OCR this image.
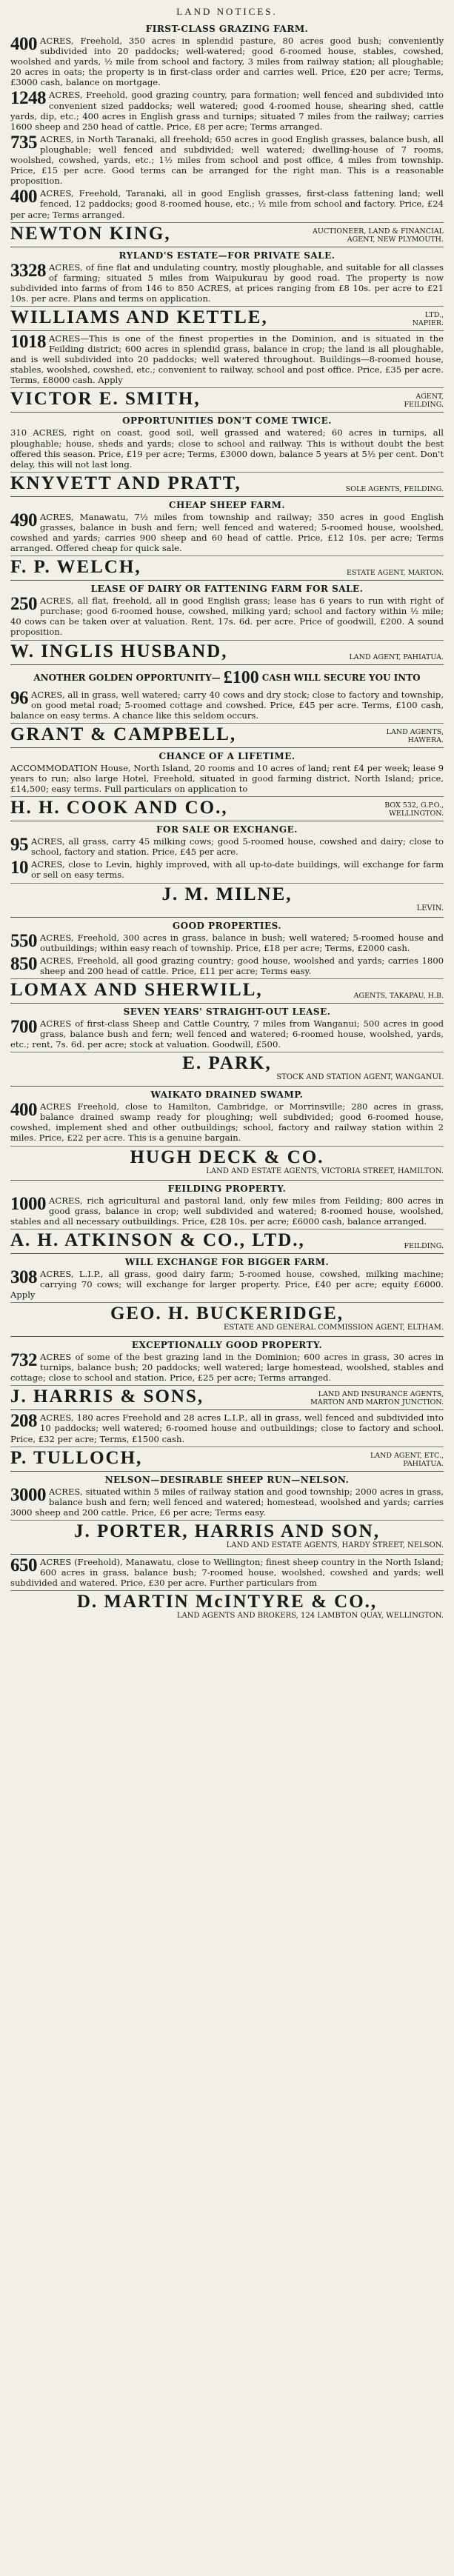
LAND NOTICES.
FIRST-CLASS GRAZING FARM.
400 ACRES, Freehold, 350 acres in splendid pasture, 80 acres good bush; conveniently subdivided into 20 paddocks; well-watered; good 6-roomed house, stables, cowshed, woolshed and yards, ½ mile from school and factory, 3 miles from railway station; all ploughable; 20 acres in oats; the property is in first-class order and carries well. Price, £20 per acre; Terms, £3000 cash, balance on mortgage.
1248 ACRES, Freehold, good grazing country, para formation; well fenced and subdivided into convenient sized paddocks; well watered; good 4-roomed house, shearing shed, cattle yards, dip, etc.; 400 acres in English grass and turnips; situated 7 miles from the railway; carries 1600 sheep and 250 head of cattle. Price, £8 per acre; Terms arranged.
735 ACRES, in North Taranaki, all freehold; 650 acres in good English grasses, balance bush, all ploughable; well fenced and subdivided; well watered; dwelling-house of 7 rooms, woolshed, cowshed, yards, etc.; 1½ miles from school and post office, 4 miles from township. Price, £15 per acre. Good terms can be arranged for the right man. This is a reasonable proposition.
400 ACRES, Freehold, Taranaki, all in good English grasses, first-class fattening land; well fenced, 12 paddocks; good 8-roomed house, etc.; ½ mile from school and factory. Price, £24 per acre; Terms arranged.
NEWTON KING,	AUCTIONEER, LAND & FINANCIAL
AGENT, NEW PLYMOUTH.
RYLAND'S ESTATE—FOR PRIVATE SALE.
3328 ACRES, of fine flat and undulating country, mostly ploughable, and suitable for all classes of farming; situated 5 miles from Waipukurau by good road. The property is now subdivided into farms of from 146 to 850 ACRES, at prices ranging from £8 10s. per acre to £21 10s. per acre. Plans and terms on application.
WILLIAMS AND KETTLE,	LTD.,
NAPIER.
1018 ACRES—This is one of the finest properties in the Dominion, and is situated in the Feilding district; 600 acres in splendid grass, balance in crop; the land is all ploughable, and is well subdivided into 20 paddocks; well watered throughout. Buildings—8-roomed house, stables, woolshed, cowshed, etc.; convenient to railway, school and post office. Price, £35 per acre. Terms, £8000 cash. Apply
VICTOR E. SMITH,	AGENT,
FEILDING.
OPPORTUNITIES DON'T COME TWICE.
310 ACRES, right on coast, good soil, well grassed and watered; 60 acres in turnips, all ploughable; house, sheds and yards; close to school and railway. This is without doubt the best offered this season. Price, £19 per acre; Terms, £3000 down, balance 5 years at 5½ per cent. Don't delay, this will not last long.
KNYVETT AND PRATT,	SOLE AGENTS, FEILDING.
CHEAP SHEEP FARM.
490 ACRES, Manawatu, 7½ miles from township and railway; 350 acres in good English grasses, balance in bush and fern; well fenced and watered; 5-roomed house, woolshed, cowshed and yards; carries 900 sheep and 60 head of cattle. Price, £12 10s. per acre; Terms arranged. Offered cheap for quick sale.
F. P. WELCH,	ESTATE AGENT, MARTON.
LEASE OF DAIRY OR FATTENING FARM FOR SALE.
250 ACRES, all flat, freehold, all in good English grass; lease has 6 years to run with right of purchase; good 6-roomed house, cowshed, milking yard; school and factory within ½ mile; 40 cows can be taken over at valuation. Rent, 17s. 6d. per acre. Price of goodwill, £200. A sound proposition.
W. INGLIS HUSBAND,	LAND AGENT, PAHIATUA.
ANOTHER GOLDEN OPPORTUNITY— £100 CASH WILL SECURE YOU INTO
96 ACRES, all in grass, well watered; carry 40 cows and dry stock; close to factory and township, on good metal road; 5-roomed cottage and cowshed. Price, £45 per acre. Terms, £100 cash, balance on easy terms. A chance like this seldom occurs.
GRANT & CAMPBELL,	LAND AGENTS,
HAWERA.
CHANCE OF A LIFETIME.
ACCOMMODATION House, North Island, 20 rooms and 10 acres of land; rent £4 per week; lease 9 years to run; also large Hotel, Freehold, situated in good farming district, North Island; price, £14,500; easy terms. Full particulars on application to
H. H. COOK AND CO.,	BOX 532, G.P.O.,
WELLINGTON.
FOR SALE OR EXCHANGE.
95 ACRES, all grass, carry 45 milking cows; good 5-roomed house, cowshed and dairy; close to school, factory and station. Price, £45 per acre.
10 ACRES, close to Levin, highly improved, with all up-to-date buildings, will exchange for farm or sell on easy terms.
J. M. MILNE,
LEVIN.
GOOD PROPERTIES.
550 ACRES, Freehold, 300 acres in grass, balance in bush; well watered; 5-roomed house and outbuildings; within easy reach of township. Price, £18 per acre; Terms, £2000 cash.
850 ACRES, Freehold, all good grazing country; good house, woolshed and yards; carries 1800 sheep and 200 head of cattle. Price, £11 per acre; Terms easy.
LOMAX AND SHERWILL,	AGENTS, TAKAPAU, H.B.
SEVEN YEARS' STRAIGHT-OUT LEASE.
700 ACRES of first-class Sheep and Cattle Country, 7 miles from Wanganui; 500 acres in good grass, balance bush and fern; well fenced and watered; 6-roomed house, woolshed, yards, etc.; rent, 7s. 6d. per acre; stock at valuation. Goodwill, £500.
E. PARK,
STOCK AND STATION AGENT, WANGANUI.
WAIKATO DRAINED SWAMP.
400 ACRES Freehold, close to Hamilton, Cambridge, or Morrinsville; 280 acres in grass, balance drained swamp ready for ploughing; well subdivided; good 6-roomed house, cowshed, implement shed and other outbuildings; school, factory and railway station within 2 miles. Price, £22 per acre. This is a genuine bargain.
HUGH DECK & CO.
LAND AND ESTATE AGENTS, VICTORIA STREET, HAMILTON.
FEILDING PROPERTY.
1000 ACRES, rich agricultural and pastoral land, only few miles from Feilding; 800 acres in good grass, balance in crop; well subdivided and watered; 8-roomed house, woolshed, stables and all necessary outbuildings. Price, £28 10s. per acre; £6000 cash, balance arranged.
A. H. ATKINSON & CO., LTD.,	FEILDING.
WILL EXCHANGE FOR BIGGER FARM.
308 ACRES, L.I.P., all grass, good dairy farm; 5-roomed house, cowshed, milking machine; carrying 70 cows; will exchange for larger property. Price, £40 per acre; equity £6000. Apply
GEO. H. BUCKERIDGE,
ESTATE AND GENERAL COMMISSION AGENT, ELTHAM.
EXCEPTIONALLY GOOD PROPERTY.
732 ACRES of some of the best grazing land in the Dominion; 600 acres in grass, 30 acres in turnips, balance bush; 20 paddocks; well watered; large homestead, woolshed, stables and cottage; close to school and station. Price, £25 per acre; Terms arranged.
J. HARRIS & SONS,	LAND AND INSURANCE AGENTS,
MARTON AND MARTON JUNCTION.
208 ACRES, 180 acres Freehold and 28 acres L.I.P., all in grass, well fenced and subdivided into 10 paddocks; well watered; 6-roomed house and outbuildings; close to factory and school. Price, £32 per acre; Terms, £1500 cash.
P. TULLOCH,	LAND AGENT, ETC.,
PAHIATUA.
NELSON—DESIRABLE SHEEP RUN—NELSON.
3000 ACRES, situated within 5 miles of railway station and good township; 2000 acres in grass, balance bush and fern; well fenced and watered; homestead, woolshed and yards; carries 3000 sheep and 200 cattle. Price, £6 per acre; Terms easy.
J. PORTER, HARRIS AND SON,
LAND AND ESTATE AGENTS, HARDY STREET, NELSON.
650 ACRES (Freehold), Manawatu, close to Wellington; finest sheep country in the North Island; 600 acres in grass, balance bush; 7-roomed house, woolshed, cowshed and yards; well subdivided and watered. Price, £30 per acre. Further particulars from
D. MARTIN McINTYRE & CO.,
LAND AGENTS AND BROKERS, 124 LAMBTON QUAY, WELLINGTON.
